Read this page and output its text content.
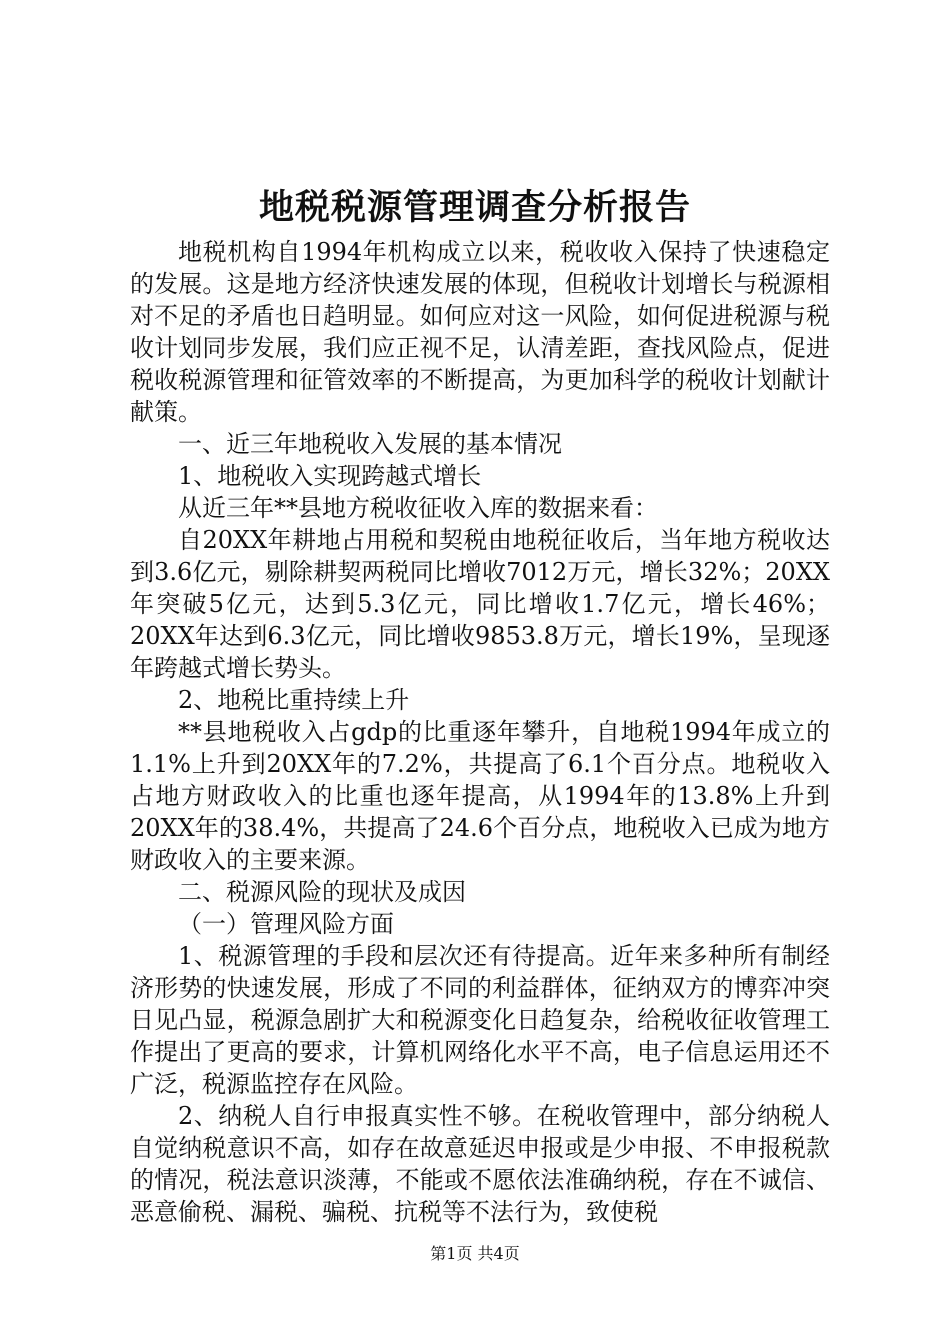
地税税源管理调查分析报告

地税机构自1994年机构成立以来，税收收入保持了快速稳定的发展。这是地方经济快速发展的体现，但税收计划增长与税源相对不足的矛盾也日趋明显。如何应对这一风险，如何促进税源与税收计划同步发展，我们应正视不足，认清差距，查找风险点，促进税收税源管理和征管效率的不断提高，为更加科学的税收计划献计献策。

一、近三年地税收入发展的基本情况

1、地税收入实现跨越式增长

从近三年**县地方税收征收入库的数据来看：

自20XX年耕地占用税和契税由地税征收后，当年地方税收达到3.6亿元，剔除耕契两税同比增收7012万元，增长32%；20XX年突破5亿元，达到5.3亿元，同比增收1.7亿元，增长46%；20XX年达到6.3亿元，同比增收9853.8万元，增长19%，呈现逐年跨越式增长势头。

2、地税比重持续上升

**县地税收入占gdp的比重逐年攀升，自地税1994年成立的1.1%上升到20XX年的7.2%，共提高了6.1个百分点。地税收入占地方财政收入的比重也逐年提高，从1994年的13.8%上升到20XX年的38.4%，共提高了24.6个百分点，地税收入已成为地方财政收入的主要来源。

二、税源风险的现状及成因

（一）管理风险方面

1、税源管理的手段和层次还有待提高。近年来多种所有制经济形势的快速发展，形成了不同的利益群体，征纳双方的博弈冲突日见凸显，税源急剧扩大和税源变化日趋复杂，给税收征收管理工作提出了更高的要求，计算机网络化水平不高，电子信息运用还不广泛，税源监控存在风险。

2、纳税人自行申报真实性不够。在税收管理中，部分纳税人自觉纳税意识不高，如存在故意延迟申报或是少申报、不申报税款的情况，税法意识淡薄，不能或不愿依法准确纳税，存在不诚信、恶意偷税、漏税、骗税、抗税等不法行为，致使税

第1页 共4页
